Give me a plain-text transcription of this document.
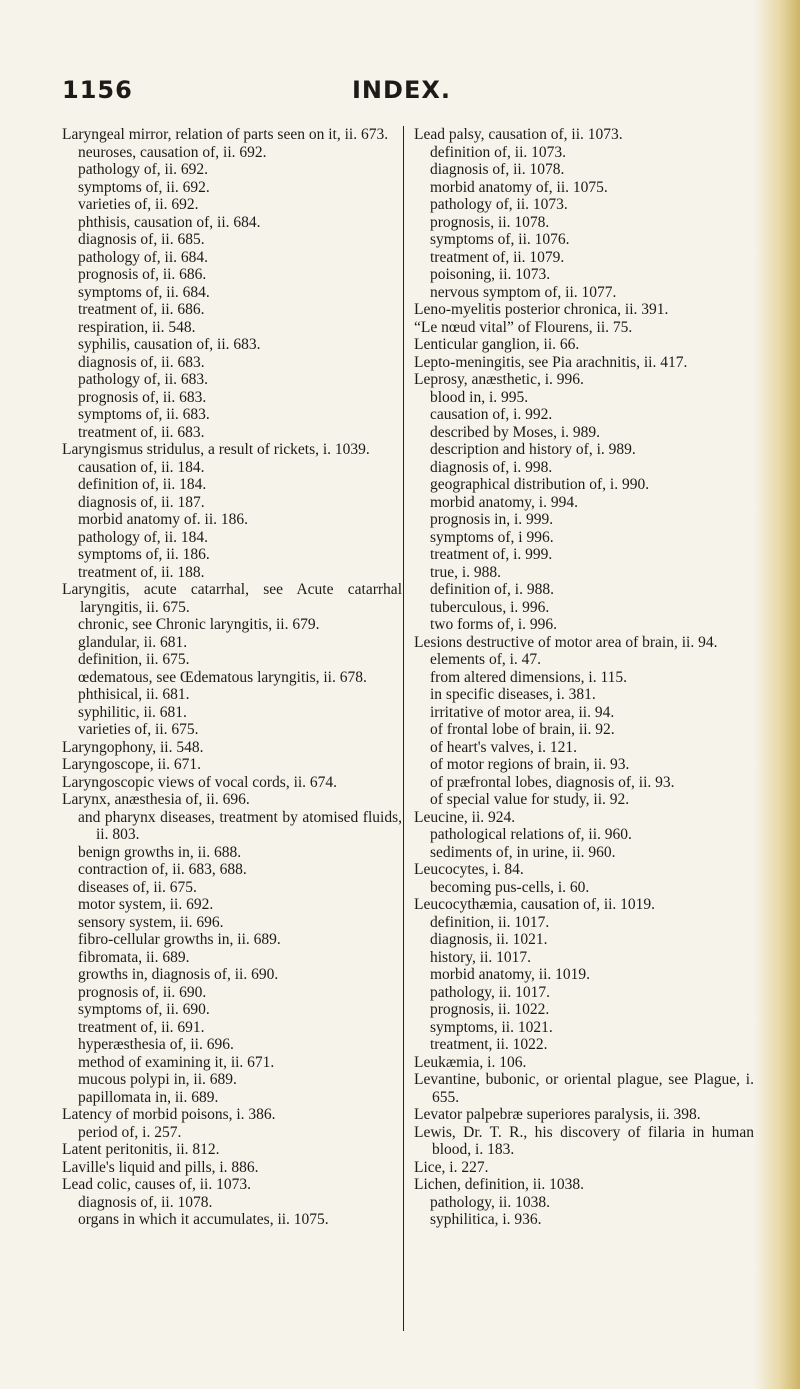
1156	INDEX.
Laryngeal mirror, relation of parts seen on it, ii. 673.
neuroses, causation of, ii. 692.
pathology of, ii. 692.
symptoms of, ii. 692.
varieties of, ii. 692.
phthisis, causation of, ii. 684.
diagnosis of, ii. 685.
pathology of, ii. 684.
prognosis of, ii. 686.
symptoms of, ii. 684.
treatment of, ii. 686.
respiration, ii. 548.
syphilis, causation of, ii. 683.
diagnosis of, ii. 683.
pathology of, ii. 683.
prognosis of, ii. 683.
symptoms of, ii. 683.
treatment of, ii. 683.
Laryngismus stridulus, a result of rickets, i. 1039.
causation of, ii. 184.
definition of, ii. 184.
diagnosis of, ii. 187.
morbid anatomy of. ii. 186.
pathology of, ii. 184.
symptoms of, ii. 186.
treatment of, ii. 188.
Laryngitis, acute catarrhal, see Acute catarrhal laryngitis, ii. 675.
chronic, see Chronic laryngitis, ii. 679.
glandular, ii. 681.
definition, ii. 675.
œdematous, see Œdematous laryngitis, ii. 678.
phthisical, ii. 681.
syphilitic, ii. 681.
varieties of, ii. 675.
Laryngophony, ii. 548.
Laryngoscope, ii. 671.
Laryngoscopic views of vocal cords, ii. 674.
Larynx, anæsthesia of, ii. 696.
and pharynx diseases, treatment by atomised fluids, ii. 803.
benign growths in, ii. 688.
contraction of, ii. 683, 688.
diseases of, ii. 675.
motor system, ii. 692.
sensory system, ii. 696.
fibro-cellular growths in, ii. 689.
fibromata, ii. 689.
growths in, diagnosis of, ii. 690.
prognosis of, ii. 690.
symptoms of, ii. 690.
treatment of, ii. 691.
hyperæsthesia of, ii. 696.
method of examining it, ii. 671.
mucous polypi in, ii. 689.
papillomata in, ii. 689.
Latency of morbid poisons, i. 386.
period of, i. 257.
Latent peritonitis, ii. 812.
Laville's liquid and pills, i. 886.
Lead colic, causes of, ii. 1073.
diagnosis of, ii. 1078.
organs in which it accumulates, ii. 1075.
Lead palsy, causation of, ii. 1073.
definition of, ii. 1073.
diagnosis of, ii. 1078.
morbid anatomy of, ii. 1075.
pathology of, ii. 1073.
prognosis, ii. 1078.
symptoms of, ii. 1076.
treatment of, ii. 1079.
poisoning, ii. 1073.
nervous symptom of, ii. 1077.
Leno-myelitis posterior chronica, ii. 391.
“Le nœud vital” of Flourens, ii. 75.
Lenticular ganglion, ii. 66.
Lepto-meningitis, see Pia arachnitis, ii. 417.
Leprosy, anæsthetic, i. 996.
blood in, i. 995.
causation of, i. 992.
described by Moses, i. 989.
description and history of, i. 989.
diagnosis of, i. 998.
geographical distribution of, i. 990.
morbid anatomy, i. 994.
prognosis in, i. 999.
symptoms of, i 996.
treatment of, i. 999.
true, i. 988.
definition of, i. 988.
tuberculous, i. 996.
two forms of, i. 996.
Lesions destructive of motor area of brain, ii. 94.
elements of, i. 47.
from altered dimensions, i. 115.
in specific diseases, i. 381.
irritative of motor area, ii. 94.
of frontal lobe of brain, ii. 92.
of heart's valves, i. 121.
of motor regions of brain, ii. 93.
of præfrontal lobes, diagnosis of, ii. 93.
of special value for study, ii. 92.
Leucine, ii. 924.
pathological relations of, ii. 960.
sediments of, in urine, ii. 960.
Leucocytes, i. 84.
becoming pus-cells, i. 60.
Leucocythæmia, causation of, ii. 1019.
definition, ii. 1017.
diagnosis, ii. 1021.
history, ii. 1017.
morbid anatomy, ii. 1019.
pathology, ii. 1017.
prognosis, ii. 1022.
symptoms, ii. 1021.
treatment, ii. 1022.
Leukæmia, i. 106.
Levantine, bubonic, or oriental plague, see Plague, i. 655.
Levator palpebræ superiores paralysis, ii. 398.
Lewis, Dr. T. R., his discovery of filaria in human blood, i. 183.
Lice, i. 227.
Lichen, definition, ii. 1038.
pathology, ii. 1038.
syphilitica, i. 936.
